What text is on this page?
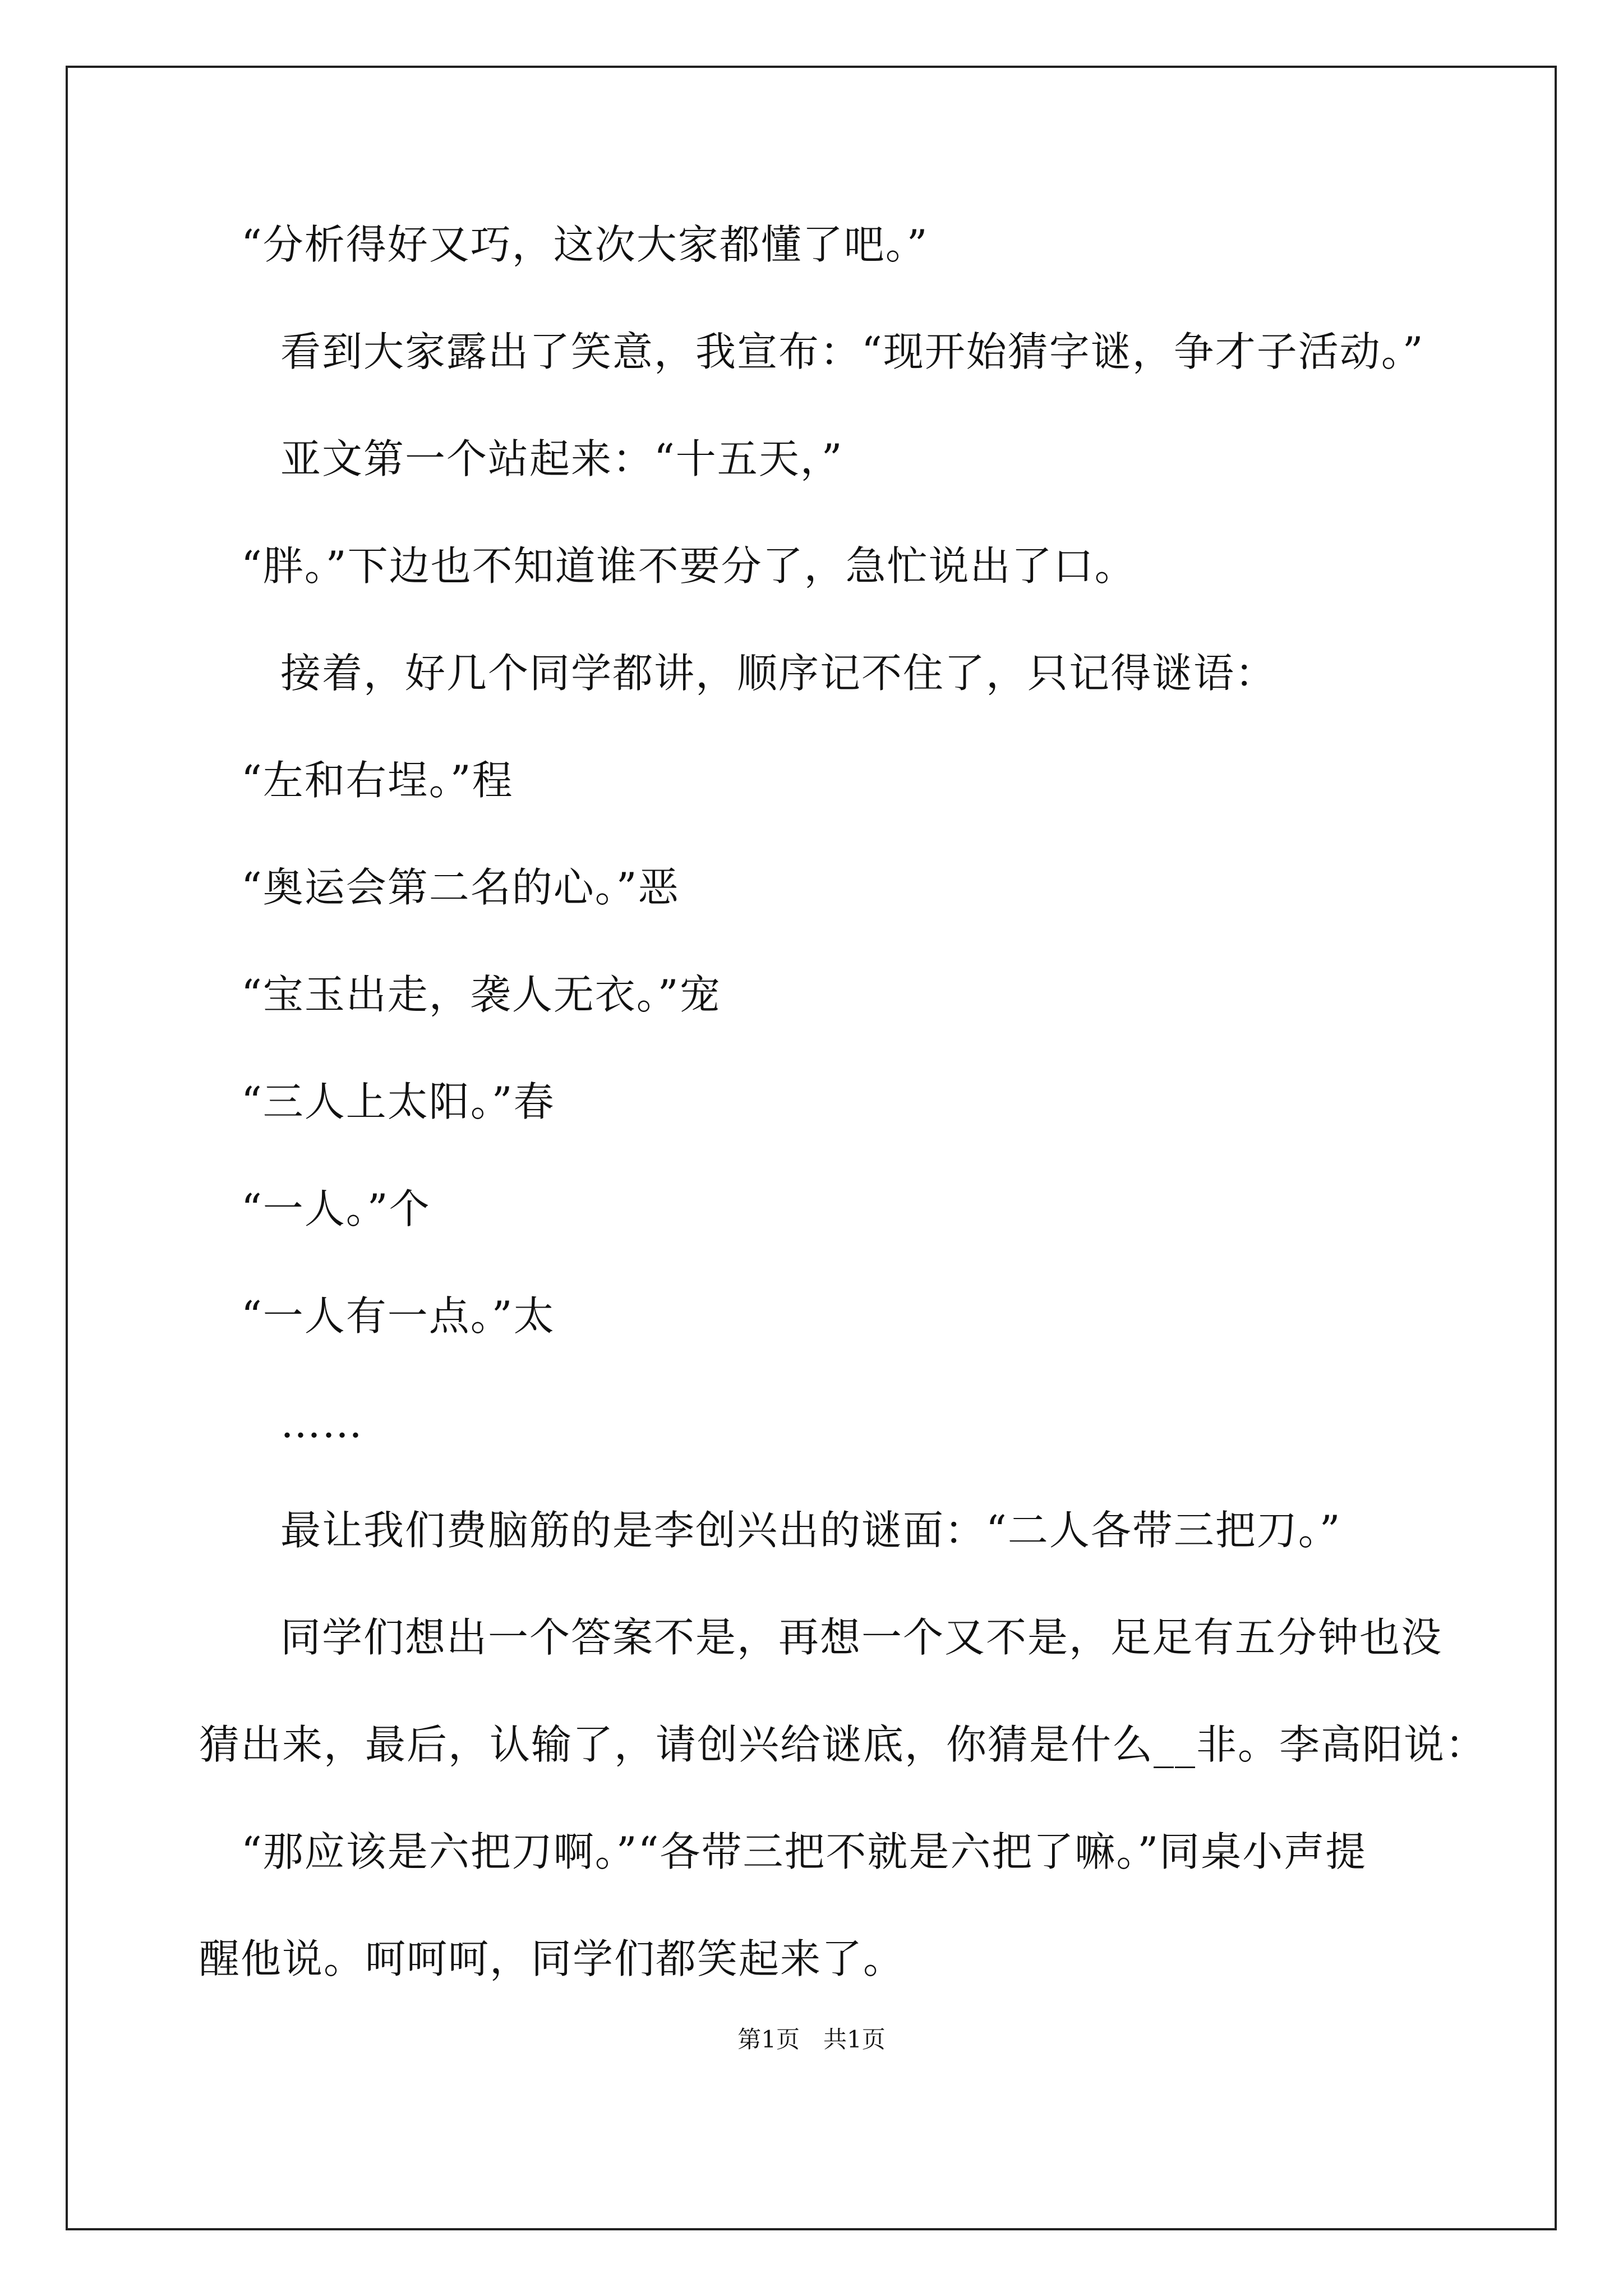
“分析得好又巧，这次大家都懂了吧。”
看到大家露出了笑意，我宣布：“现开始猜字谜，争才子活动。”
亚文第一个站起来：“十五天，”
“胖。”下边也不知道谁不要分了，急忙说出了口。
接着，好几个同学都讲，顺序记不住了，只记得谜语：
“左和右埕。”程
“奥运会第二名的心。”恶
“宝玉出走，袭人无衣。”宠
“三人上太阳。”春
“一人。”个
“一人有一点。”太
……
最让我们费脑筋的是李创兴出的谜面：“二人各带三把刀。”
同学们想出一个答案不是，再想一个又不是，足足有五分钟也没
猜出来，最后，认输了，请创兴给谜底，你猜是什么__非。李高阳说：
“那应该是六把刀啊。”“各带三把不就是六把了嘛。”同桌小声提
醒他说。呵呵呵，同学们都笑起来了。
第1页　共1页
